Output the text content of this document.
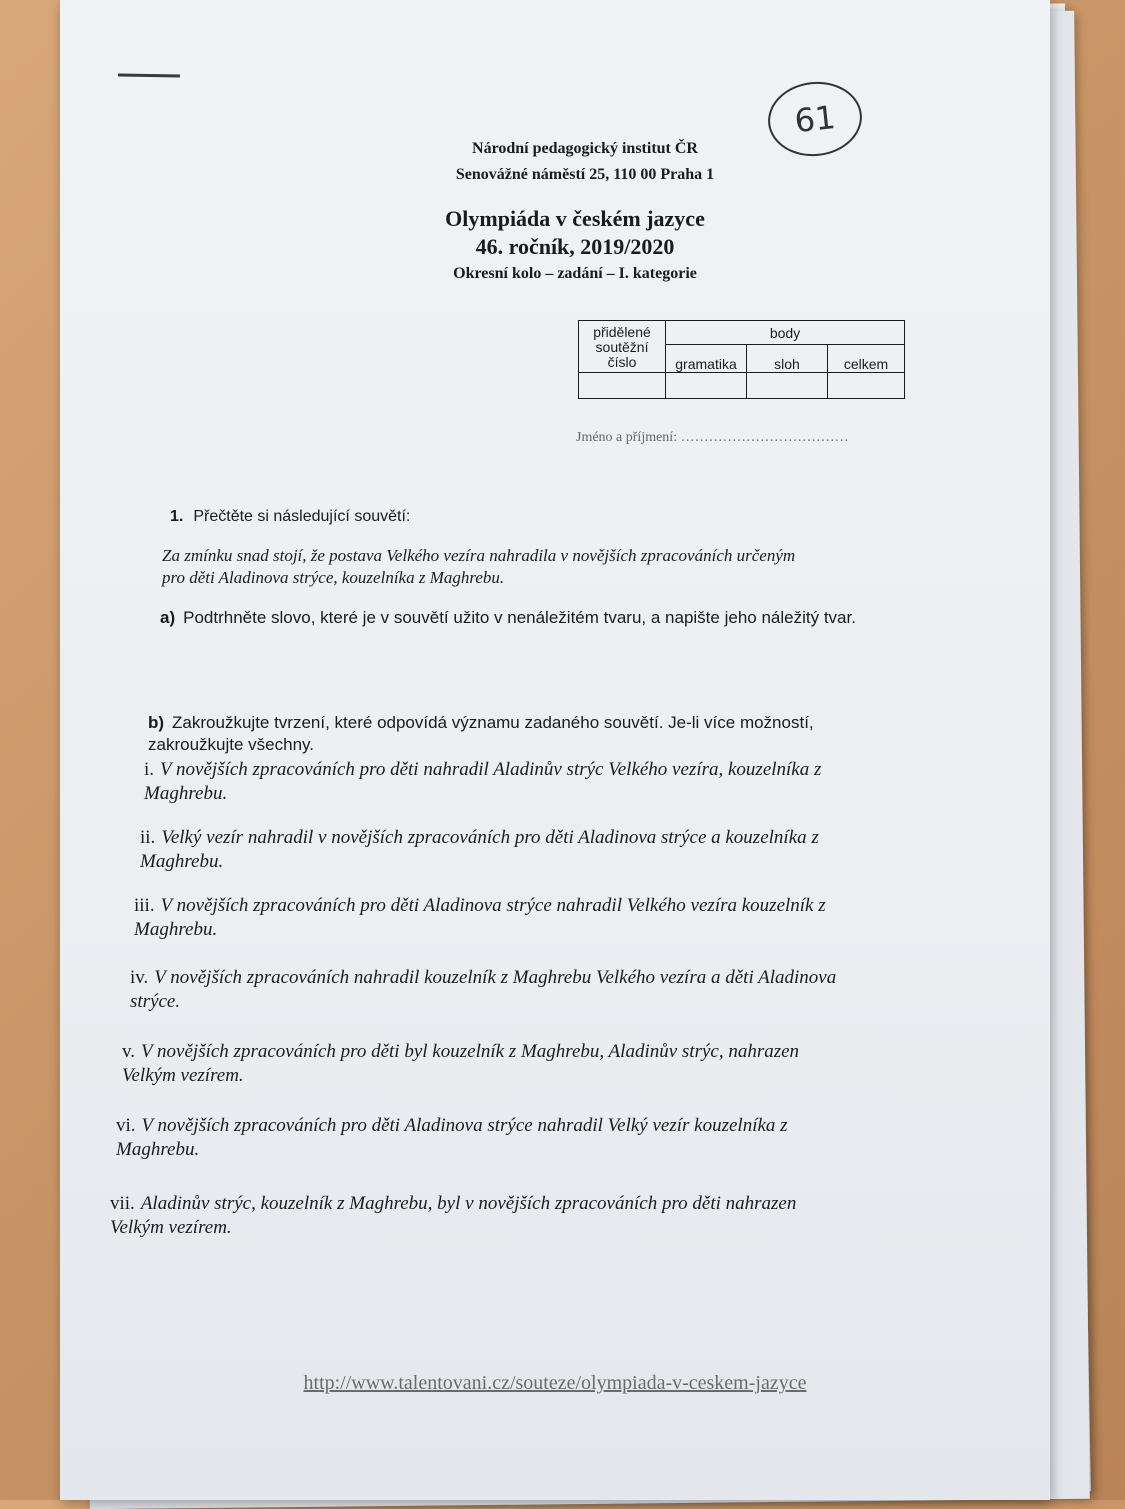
61
Národní pedagogický institut ČR
Senovážné náměstí 25, 110 00 Praha 1
Olympiáda v českém jazyce
46. ročník, 2019/2020
Okresní kolo – zadání – I. kategorie
přidělené
soutěžní
číslo	body		
	gramatika	sloh	celkem

Jméno a příjmení: ………………………………
1. Přečtěte si následující souvětí:
Za zmínku snad stojí, že postava Velkého vezíra nahradila v novějších zpracováních určeným
pro děti Aladinova strýce, kouzelníka z Maghrebu.
a) Podtrhněte slovo, které je v souvětí užito v nenáležitém tvaru, a napište jeho náležitý tvar.
b) Zakroužkujte tvrzení, které odpovídá významu zadaného souvětí. Je-li více možností,
zakroužkujte všechny.
i. V novějších zpracováních pro děti nahradil Aladinův strýc Velkého vezíra, kouzelníka z
Maghrebu.
ii. Velký vezír nahradil v novějších zpracováních pro děti Aladinova strýce a kouzelníka z
Maghrebu.
iii. V novějších zpracováních pro děti Aladinova strýce nahradil Velkého vezíra kouzelník z
Maghrebu.
iv. V novějších zpracováních nahradil kouzelník z Maghrebu Velkého vezíra a děti Aladinova
strýce.
v. V novějších zpracováních pro děti byl kouzelník z Maghrebu, Aladinův strýc, nahrazen
Velkým vezírem.
vi. V novějších zpracováních pro děti Aladinova strýce nahradil Velký vezír kouzelníka z
Maghrebu.
vii. Aladinův strýc, kouzelník z Maghrebu, byl v novějších zpracováních pro děti nahrazen
Velkým vezírem.
http://www.talentovani.cz/souteze/olympiada-v-ceskem-jazyce
